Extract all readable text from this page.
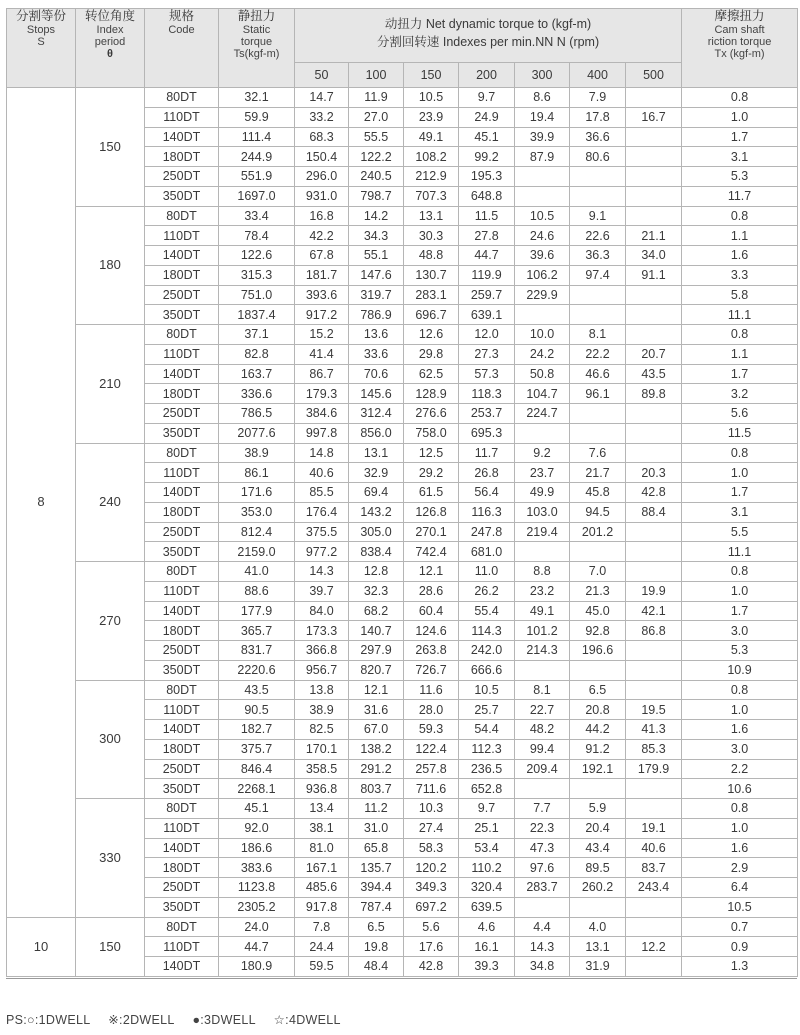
分割等份
Stops
S	转位角度
Index
period
θ	规格
Code	静扭力
Static
torque
Ts(kgf-m)	动扭力 Net dynamic torque to (kgf-m)
分割回转速 Indexes per min.NN N (rpm)							摩擦扭力
Cam shaft
riction torque
Tx (kgf-m)

				50	100	150	200	300	400	500	
8	150	80DT	32.1	14.7	11.9	10.5	9.7	8.6	7.9		0.8
		110DT	59.9	33.2	27.0	23.9	24.9	19.4	17.8	16.7	1.0
		140DT	111.4	68.3	55.5	49.1	45.1	39.9	36.6		1.7
		180DT	244.9	150.4	122.2	108.2	99.2	87.9	80.6		3.1
		250DT	551.9	296.0	240.5	212.9	195.3				5.3
		350DT	1697.0	931.0	798.7	707.3	648.8				11.7
	180	80DT	33.4	16.8	14.2	13.1	11.5	10.5	9.1		0.8
		110DT	78.4	42.2	34.3	30.3	27.8	24.6	22.6	21.1	1.1
		140DT	122.6	67.8	55.1	48.8	44.7	39.6	36.3	34.0	1.6
		180DT	315.3	181.7	147.6	130.7	119.9	106.2	97.4	91.1	3.3
		250DT	751.0	393.6	319.7	283.1	259.7	229.9			5.8
		350DT	1837.4	917.2	786.9	696.7	639.1				11.1
	210	80DT	37.1	15.2	13.6	12.6	12.0	10.0	8.1		0.8
		110DT	82.8	41.4	33.6	29.8	27.3	24.2	22.2	20.7	1.1
		140DT	163.7	86.7	70.6	62.5	57.3	50.8	46.6	43.5	1.7
		180DT	336.6	179.3	145.6	128.9	118.3	104.7	96.1	89.8	3.2
		250DT	786.5	384.6	312.4	276.6	253.7	224.7			5.6
		350DT	2077.6	997.8	856.0	758.0	695.3				11.5
	240	80DT	38.9	14.8	13.1	12.5	11.7	9.2	7.6		0.8
		110DT	86.1	40.6	32.9	29.2	26.8	23.7	21.7	20.3	1.0
		140DT	171.6	85.5	69.4	61.5	56.4	49.9	45.8	42.8	1.7
		180DT	353.0	176.4	143.2	126.8	116.3	103.0	94.5	88.4	3.1
		250DT	812.4	375.5	305.0	270.1	247.8	219.4	201.2		5.5
		350DT	2159.0	977.2	838.4	742.4	681.0				11.1
	270	80DT	41.0	14.3	12.8	12.1	11.0	8.8	7.0		0.8
		110DT	88.6	39.7	32.3	28.6	26.2	23.2	21.3	19.9	1.0
		140DT	177.9	84.0	68.2	60.4	55.4	49.1	45.0	42.1	1.7
		180DT	365.7	173.3	140.7	124.6	114.3	101.2	92.8	86.8	3.0
		250DT	831.7	366.8	297.9	263.8	242.0	214.3	196.6		5.3
		350DT	2220.6	956.7	820.7	726.7	666.6				10.9
	300	80DT	43.5	13.8	12.1	11.6	10.5	8.1	6.5		0.8
		110DT	90.5	38.9	31.6	28.0	25.7	22.7	20.8	19.5	1.0
		140DT	182.7	82.5	67.0	59.3	54.4	48.2	44.2	41.3	1.6
		180DT	375.7	170.1	138.2	122.4	112.3	99.4	91.2	85.3	3.0
		250DT	846.4	358.5	291.2	257.8	236.5	209.4	192.1	179.9	2.2
		350DT	2268.1	936.8	803.7	711.6	652.8				10.6
	330	80DT	45.1	13.4	11.2	10.3	9.7	7.7	5.9		0.8
		110DT	92.0	38.1	31.0	27.4	25.1	22.3	20.4	19.1	1.0
		140DT	186.6	81.0	65.8	58.3	53.4	47.3	43.4	40.6	1.6
		180DT	383.6	167.1	135.7	120.2	110.2	97.6	89.5	83.7	2.9
		250DT	1123.8	485.6	394.4	349.3	320.4	283.7	260.2	243.4	6.4
		350DT	2305.2	917.8	787.4	697.2	639.5				10.5
10	150	80DT	24.0	7.8	6.5	5.6	4.6	4.4	4.0		0.7
		110DT	44.7	24.4	19.8	17.6	16.1	14.3	13.1	12.2	0.9
		140DT	180.9	59.5	48.4	42.8	39.3	34.8	31.9		1.3
PS:○:1DWELL ※:2DWELL ●:3DWELL ☆:4DWELL
